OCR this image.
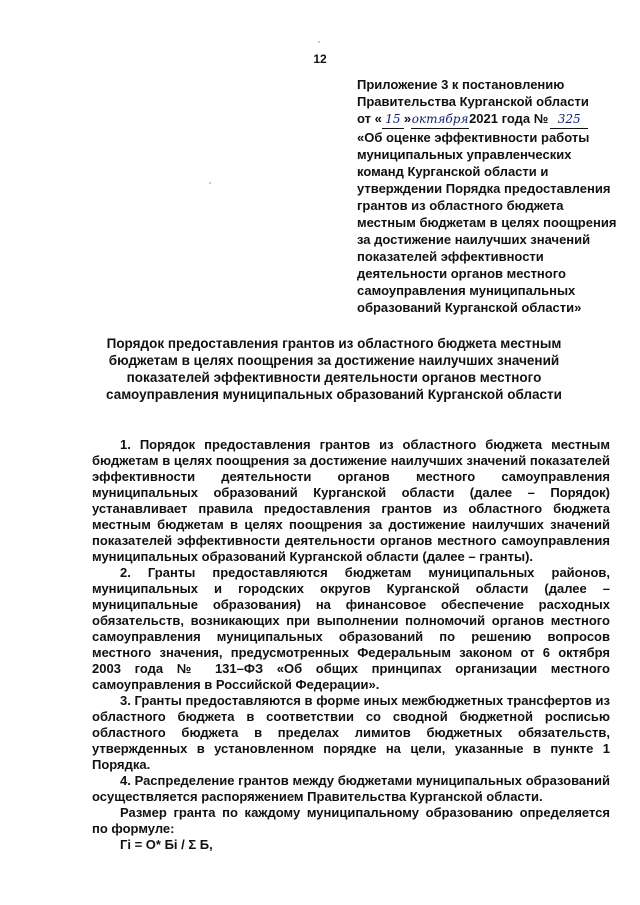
12
Приложение 3 к постановлению
Правительства Курганской области
от « 15 »октября2021 года № 325
«Об оценке эффективности работы
муниципальных управленческих
команд Курганской области и
утверждении Порядка предоставления
грантов из областного бюджета
местным бюджетам в целях поощрения
за достижение наилучших значений
показателей эффективности
деятельности органов местного
самоуправления муниципальных
образований Курганской области»
Порядок предоставления грантов из областного бюджета местным бюджетам в целях поощрения за достижение наилучших значений показателей эффективности деятельности органов местного самоуправления муниципальных образований Курганской области

1. Порядок предоставления грантов из областного бюджета местным бюджетам в целях поощрения за достижение наилучших значений показателей эффективности деятельности органов местного самоуправления муниципальных образований Курганской области (далее – Порядок) устанавливает правила предоставления грантов из областного бюджета местным бюджетам в целях поощрения за достижение наилучших значений показателей эффективности деятельности органов местного самоуправления муниципальных образований Курганской области (далее – гранты).

2. Гранты предоставляются бюджетам муниципальных районов, муниципальных и городских округов Курганской области (далее – муниципальные образования) на финансовое обеспечение расходных обязательств, возникающих при выполнении полномочий органов местного самоуправления муниципальных образований по решению вопросов местного значения, предусмотренных Федеральным законом от 6 октября 2003 года № 131–ФЗ «Об общих принципах организации местного самоуправления в Российской Федерации».

3. Гранты предоставляются в форме иных межбюджетных трансфертов из областного бюджета в соответствии со сводной бюджетной росписью областного бюджета в пределах лимитов бюджетных обязательств, утвержденных в установленном порядке на цели, указанные в пункте 1 Порядка.

4. Распределение грантов между бюджетами муниципальных образований осуществляется распоряжением Правительства Курганской области.

Размер гранта по каждому муниципальному образованию определяется по формуле:

Гi = О* Бi / Σ Б,
